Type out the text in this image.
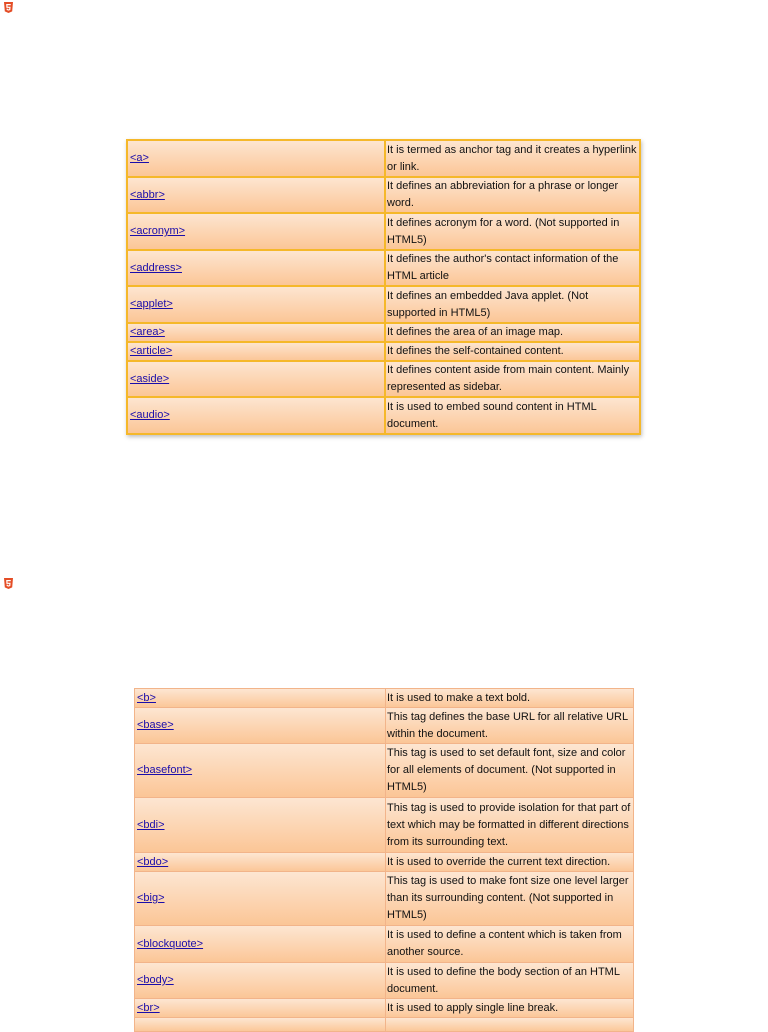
<a>	It is termed as anchor tag and it creates a hyperlink or link.
<abbr>	It defines an abbreviation for a phrase or longer word.
<acronym>	It defines acronym for a word. (Not supported in HTML5)
<address>	It defines the author's contact information of the HTML article
<applet>	It defines an embedded Java applet. (Not supported in HTML5)
<area>	It defines the area of an image map.
<article>	It defines the self-contained content.
<aside>	It defines content aside from main content. Mainly represented as sidebar.
<audio>	It is used to embed sound content in HTML document.
<b>	It is used to make a text bold.
<base>	This tag defines the base URL for all relative URL within the document.
<basefont>	This tag is used to set default font, size and color for all elements of document. (Not supported in HTML5)
<bdi>	This tag is used to provide isolation for that part of text which may be formatted in different directions from its surrounding text.
<bdo>	It is used to override the current text direction.
<big>	This tag is used to make font size one level larger than its surrounding content. (Not supported in HTML5)
<blockquote>	It is used to define a content which is taken from another source.
<body>	It is used to define the body section of an HTML document.
<br>	It is used to apply single line break.
